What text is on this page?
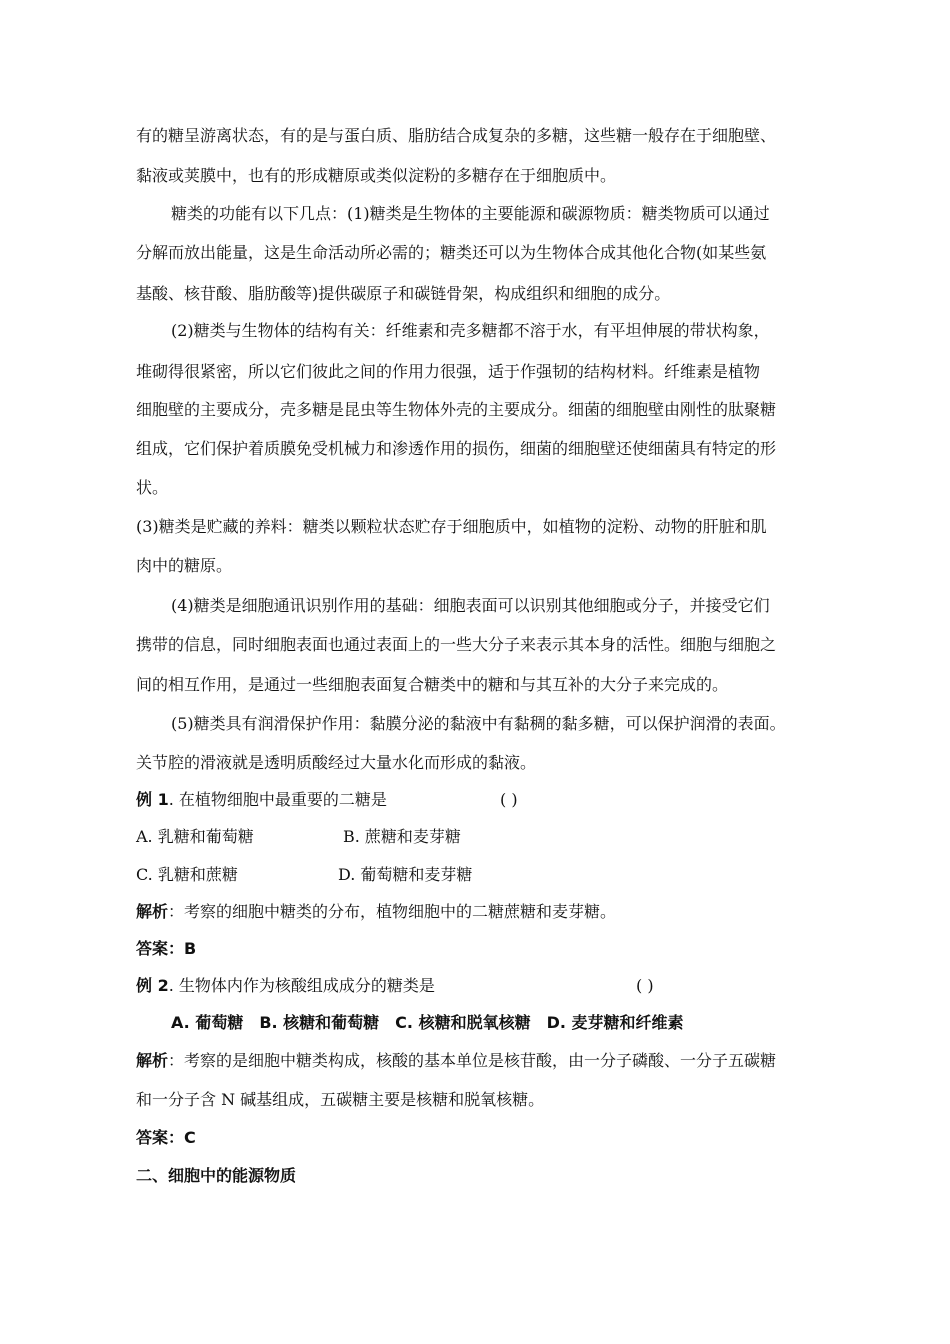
有的糖呈游离状态，有的是与蛋白质、脂肪结合成复杂的多糖，这些糖一般存在于细胞壁、
黏液或荚膜中，也有的形成糖原或类似淀粉的多糖存在于细胞质中。
糖类的功能有以下几点：(1)糖类是生物体的主要能源和碳源物质：糖类物质可以通过
分解而放出能量，这是生命活动所必需的；糖类还可以为生物体合成其他化合物(如某些氨
基酸、核苷酸、脂肪酸等)提供碳原子和碳链骨架，构成组织和细胞的成分。
(2)糖类与生物体的结构有关：纤维素和壳多糖都不溶于水，有平坦伸展的带状构象，
堆砌得很紧密，所以它们彼此之间的作用力很强，适于作强韧的结构材料。纤维素是植物
细胞壁的主要成分，壳多糖是昆虫等生物体外壳的主要成分。细菌的细胞壁由刚性的肽聚糖
组成，它们保护着质膜免受机械力和渗透作用的损伤，细菌的细胞壁还使细菌具有特定的形
状。
(3)糖类是贮藏的养料：糖类以颗粒状态贮存于细胞质中，如植物的淀粉、动物的肝脏和肌
肉中的糖原。
(4)糖类是细胞通讯识别作用的基础：细胞表面可以识别其他细胞或分子，并接受它们
携带的信息，同时细胞表面也通过表面上的一些大分子来表示其本身的活性。细胞与细胞之
间的相互作用，是通过一些细胞表面复合糖类中的糖和与其互补的大分子来完成的。
(5)糖类具有润滑保护作用：黏膜分泌的黏液中有黏稠的黏多糖，可以保护润滑的表面。
关节腔的滑液就是透明质酸经过大量水化而形成的黏液。
例 1. 在植物细胞中最重要的二糖是	( )
A. 乳糖和葡萄糖	B. 蔗糖和麦芽糖
C. 乳糖和蔗糖	D. 葡萄糖和麦芽糖
解析：考察的细胞中糖类的分布，植物细胞中的二糖蔗糖和麦芽糖。
答案：B
例 2. 生物体内作为核酸组成成分的糖类是	( )
A. 葡萄糖　B. 核糖和葡萄糖　C. 核糖和脱氧核糖　D. 麦芽糖和纤维素
解析：考察的是细胞中糖类构成，核酸的基本单位是核苷酸，由一分子磷酸、一分子五碳糖
和一分子含 N 碱基组成，五碳糖主要是核糖和脱氧核糖。
答案：C
二、细胞中的能源物质
